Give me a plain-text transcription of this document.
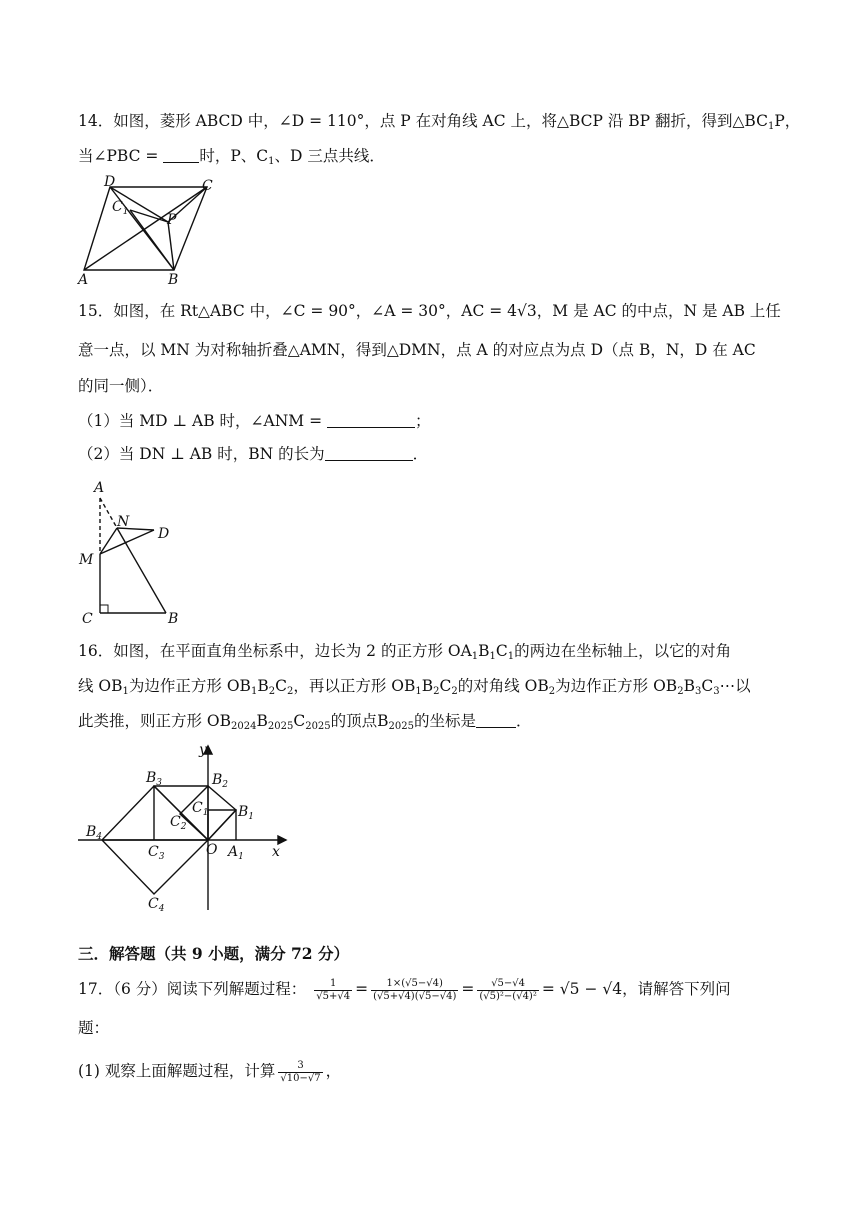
14．如图，菱形 ABCD 中，∠D = 110°，点 P 在对角线 AC 上，将△BCP 沿 BP 翻折，得到$\triangle BC_1P$，
当∠PBC =	时，P、$C_1$、D 三点共线．
D	C
$C_1$	P
A	B
15．如图，在 Rt△ABC 中，∠C = 90°，∠A = 30°，AC = 4√3，M 是 AC 的中点，N 是 AB 上任
意一点，以 MN 为对称轴折叠△AMN，得到△DMN，点 A 的对应点为点 D（点 B，N，D 在 AC
的同一侧）．
（1）当 MD ⊥ AB 时，∠ANM =	；
（2）当 DN ⊥ AB 时，BN 的长为	．
A
N
D
M
C	B
16．如图，在平面直角坐标系中，边长为 2 的正方形 $OA_1B_1C_1$的两边在坐标轴上，以它的对角
线 $OB_1$为边作正方形 $OB_1B_2C_2$，再以正方形 $OB_1B_2C_2$的对角线 $OB_2$为边作正方形 $OB_2B_3C_3\cdots$以
此类推，则正方形 $OB_{2024}B_{2025}C_{2025}$的顶点$B_{2025}$的坐标是	．
y
x
O $A_1$
$B_1$
$B_2$
$B_3$
$B_4$
$C_1$
$C_2$
$C_3$
$C_4$
三．解答题（共 9 小题，满分 72 分）
17．（6 分）阅读下列解题过程： $\frac{1}{√5+√4} = \frac{1\times(√5-√4)}{(√5+√4)(√5-√4)} = \frac{√5-√4}{\text{(√5)²−(√4)²}} = √5 - √4$，请解答下列问
题：
(1) 观察上面解题过程，计算 $\frac{3}{√10-√7}$ ，
